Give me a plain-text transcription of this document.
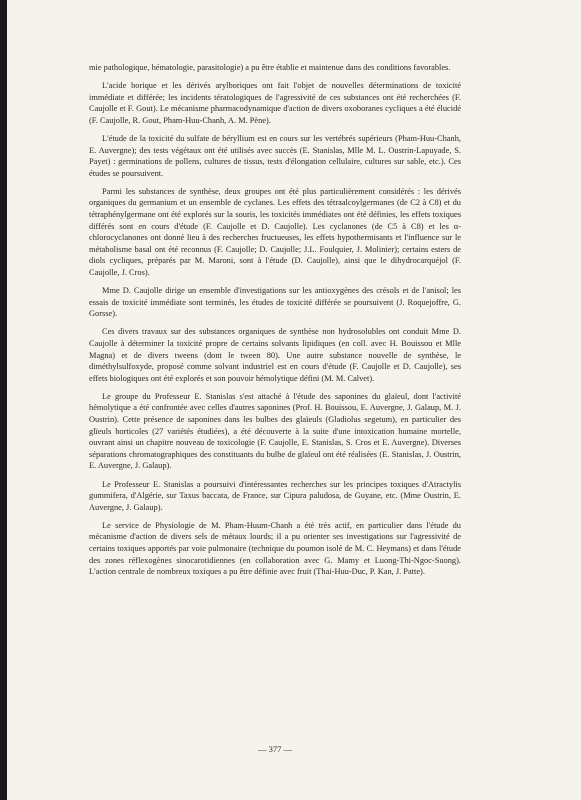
mie pathologique, hématologie, parasitologie) a pu être établie et maintenue dans des conditions favorables.

L'acide borique et les dérivés arylboriques ont fait l'objet de nouvelles déterminations de toxicité immédiate et différée; les incidents tératologiques de l'agressivité de ces substances ont été recherchées (F. Caujolle et F. Gout). Le mécanisme pharmacodynamique d'action de divers oxoboranes cycliques a été élucidé (F. Caujolle, R. Gout, Pham-Huu-Chanh, A. M. Pène).

L'étude de la toxicité du sulfate de béryllium est en cours sur les vertébrés supérieurs (Pham-Huu-Chanh, E. Auvergne); des tests végétaux ont été utilisés avec succès (E. Stanislas, Mlle M. L. Oustrin-Lapuyade, S. Payet) : germinations de pollens, cultures de tissus, tests d'élongation cellulaire, cultures sur sable, etc.). Ces études se poursuivent.

Parmi les substances de synthèse, deux groupes ont été plus particulièrement considérés : les dérivés organiques du germanium et un ensemble de cyclanes. Les effets des tétraalcoylgermanes (de C2 à C8) et du tétraphénylgermane ont été explorés sur la souris, les toxicités immédiates ont été définies, les effets toxiques différés sont en cours d'étude (F. Caujolle et D. Caujolle). Les cyclanones (de C5 à C8) et les α-chlorocyclanones ont donné lieu à des recherches fructueuses, les effets hypothermisants et l'influence sur le métabolisme basal ont été reconnus (F. Caujolle; D. Caujolle; J.L. Foulquier, J. Molinier); certains esters de diols cycliques, préparés par M. Maroni, sont à l'étude (D. Caujolle), ainsi que le dihydrocarquéjol (F. Caujolle, J. Cros).

Mme D. Caujolle dirige un ensemble d'investigations sur les antioxygènes des crésols et de l'anisol; les essais de toxicité immédiate sont terminés, les études de toxicité différée se poursuivent (J. Roquejoffre, G. Gorsse).

Ces divers travaux sur des substances organiques de synthèse non hydrosolubles ont conduit Mme D. Caujolle à déterminer la toxicité propre de certains solvants lipidiques (en coll. avec H. Bouissou et Mlle Magna) et de divers tweens (dont le tween 80). Une autre substance nouvelle de synthèse, le diméthylsulfoxyde, proposé comme solvant industriel est en cours d'étude (F. Caujolle et D. Caujolle), ses effets biologiques ont été explorés et son pouvoir hémolytique défini (M. M. Calvet).

Le groupe du Professeur E. Stanislas s'est attaché à l'étude des saponines du glaïeul, dont l'activité hémolytique a été confrontée avec celles d'autres saponines (Prof. H. Bouissou, E. Auvergne, J. Galaup, M. J. Oustrin). Cette présence de saponines dans les bulbes des glaïeuls (Gladiolus segetum), en particulier des glïeuls horticoles (27 variétés étudiées), a été découverte à la suite d'une intoxication humaine mortelle, ouvrant ainsi un chapitre nouveau de toxicologie (F. Caujolle, E. Stanislas, S. Cros et E. Auvergne). Diverses séparations chromatographiques des constituants du bulbe de glaïeul ont été réalisées (E. Stanislas, J. Oustrin, E. Auvergne, J. Galaup).

Le Professeur E. Stanislas a poursuivi d'intéressantes recherches sur les principes toxiques d'Atractylis gummifera, d'Algérie, sur Taxus baccata, de France, sur Cipura paludosa, de Guyane, etc. (Mme Oustrin, E. Auvergne, J. Galaup).

Le service de Physiologie de M. Pham-Huum-Chanh a été très actif, en particulier dans l'étude du mécanisme d'action de divers sels de métaux lourds; il a pu orienter ses investigations sur l'agressivité de certains toxiques apportés par voie pulmonaire (technique du poumon isolé de M. C. Heymans) et dans l'étude des zones réflexogènes sinocarotidiennes (en collaboration avec G. Mamy et Luong-Thi-Ngoc-Suong). L'action centrale de nombreux toxiques a pu être définie avec fruit (Thai-Huu-Duc, P. Kan, J. Patte).

— 377 —
